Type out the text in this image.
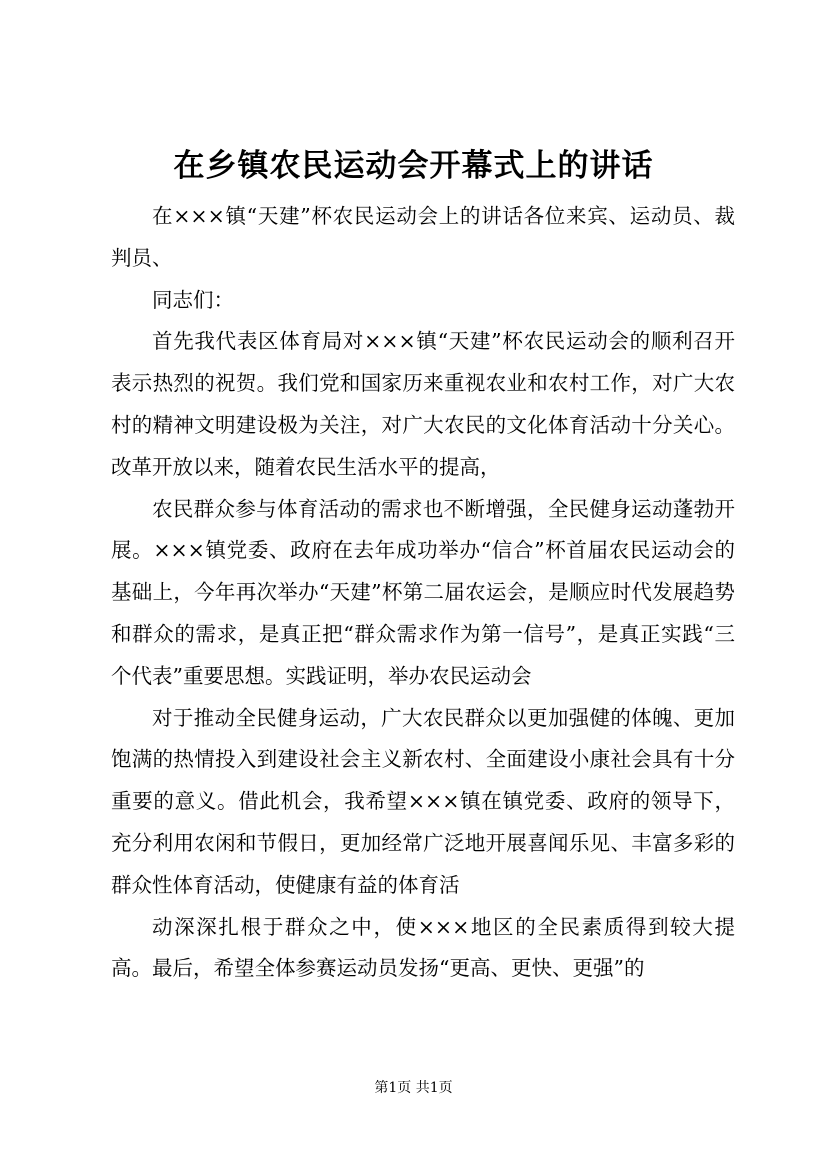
在乡镇农民运动会开幕式上的讲话

在×××镇“天建”杯农民运动会上的讲话各位来宾、运动员、裁判员、

同志们：

首先我代表区体育局对×××镇“天建”杯农民运动会的顺利召开表示热烈的祝贺。我们党和国家历来重视农业和农村工作，对广大农村的精神文明建设极为关注，对广大农民的文化体育活动十分关心。改革开放以来，随着农民生活水平的提高，

农民群众参与体育活动的需求也不断增强，全民健身运动蓬勃开展。×××镇党委、政府在去年成功举办“信合”杯首届农民运动会的基础上，今年再次举办“天建”杯第二届农运会，是顺应时代发展趋势和群众的需求，是真正把“群众需求作为第一信号”，是真正实践“三个代表”重要思想。实践证明，举办农民运动会

对于推动全民健身运动，广大农民群众以更加强健的体魄、更加饱满的热情投入到建设社会主义新农村、全面建设小康社会具有十分重要的意义。借此机会，我希望×××镇在镇党委、政府的领导下，充分利用农闲和节假日，更加经常广泛地开展喜闻乐见、丰富多彩的群众性体育活动，使健康有益的体育活

动深深扎根于群众之中，使×××地区的全民素质得到较大提高。最后，希望全体参赛运动员发扬“更高、更快、更强”的

第1页 共1页
